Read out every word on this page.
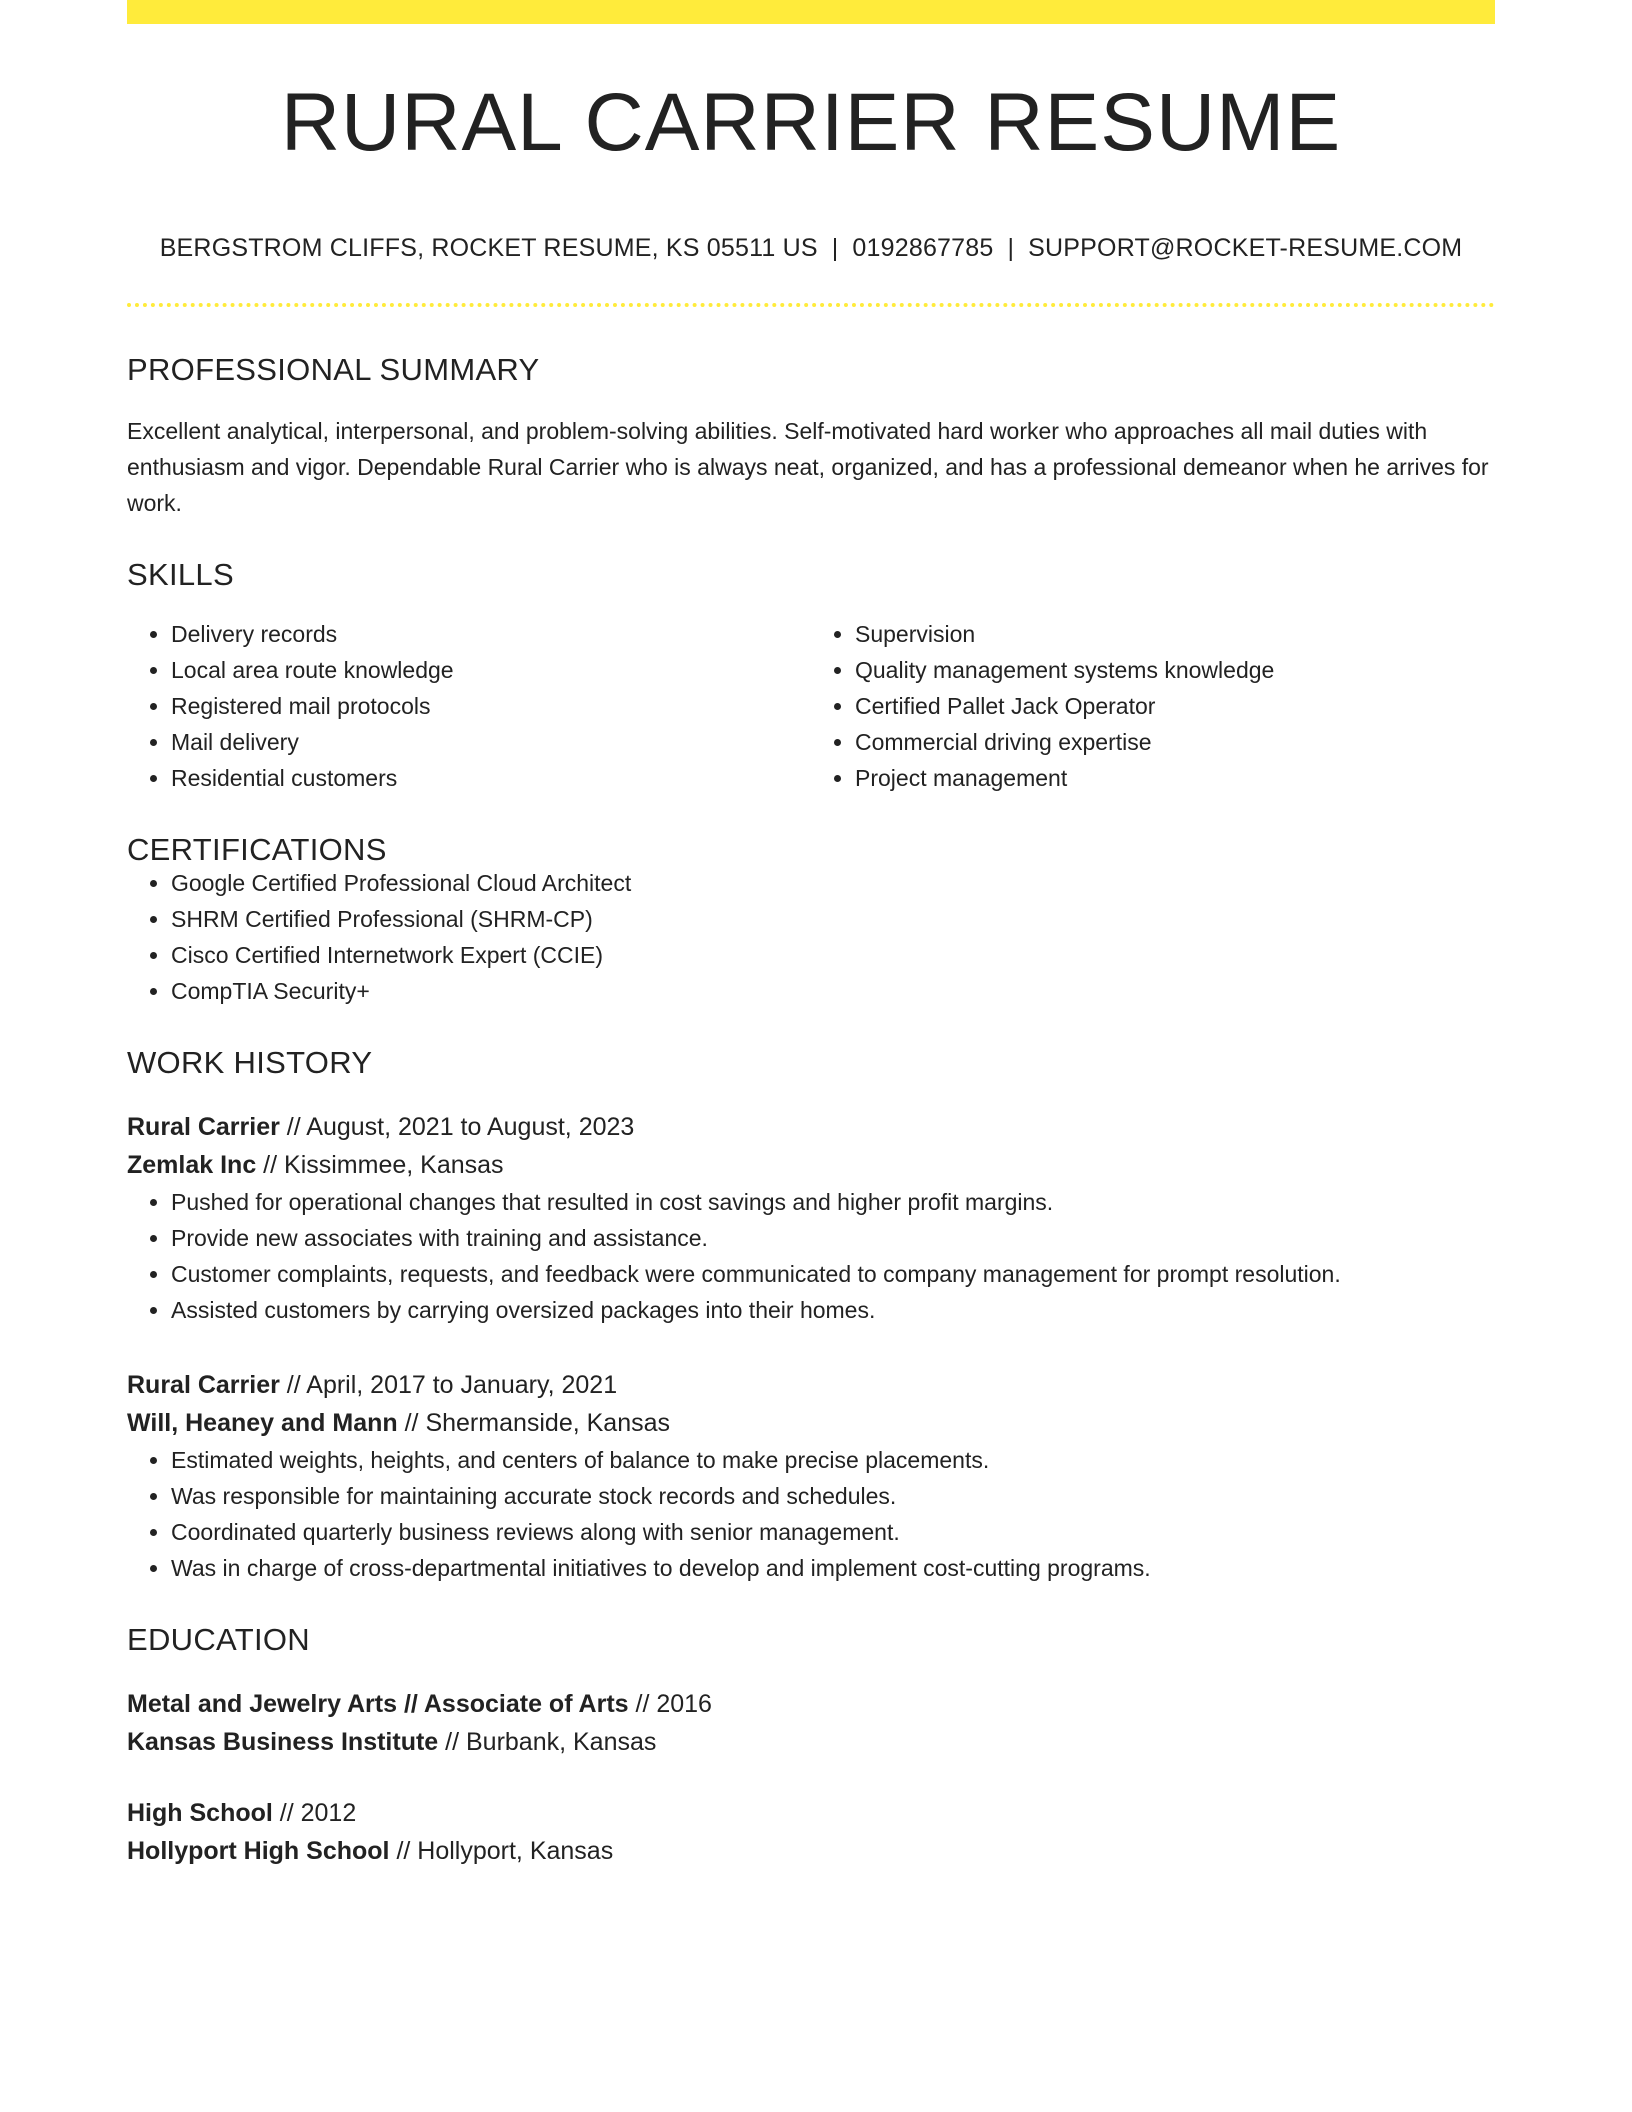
RURAL CARRIER RESUME
BERGSTROM CLIFFS, ROCKET RESUME, KS 05511 US | 0192867785 | SUPPORT@ROCKET-RESUME.COM
PROFESSIONAL SUMMARY

Excellent analytical, interpersonal, and problem-solving abilities. Self-motivated hard worker who approaches all mail duties with enthusiasm and vigor. Dependable Rural Carrier who is always neat, organized, and has a professional demeanor when he arrives for work.

SKILLS
• Delivery records
• Local area route knowledge
• Registered mail protocols
• Mail delivery
• Residential customers
• Supervision
• Quality management systems knowledge
• Certified Pallet Jack Operator
• Commercial driving expertise
• Project management
CERTIFICATIONS
• Google Certified Professional Cloud Architect
• SHRM Certified Professional (SHRM-CP)
• Cisco Certified Internetwork Expert (CCIE)
• CompTIA Security+
WORK HISTORY
Rural Carrier // August, 2021 to August, 2023
Zemlak Inc // Kissimmee, Kansas
• Pushed for operational changes that resulted in cost savings and higher profit margins.
• Provide new associates with training and assistance.
• Customer complaints, requests, and feedback were communicated to company management for prompt resolution.
• Assisted customers by carrying oversized packages into their homes.
Rural Carrier // April, 2017 to January, 2021
Will, Heaney and Mann // Shermanside, Kansas
• Estimated weights, heights, and centers of balance to make precise placements.
• Was responsible for maintaining accurate stock records and schedules.
• Coordinated quarterly business reviews along with senior management.
• Was in charge of cross-departmental initiatives to develop and implement cost-cutting programs.
EDUCATION
Metal and Jewelry Arts // Associate of Arts // 2016
Kansas Business Institute // Burbank, Kansas
High School // 2012
Hollyport High School // Hollyport, Kansas
